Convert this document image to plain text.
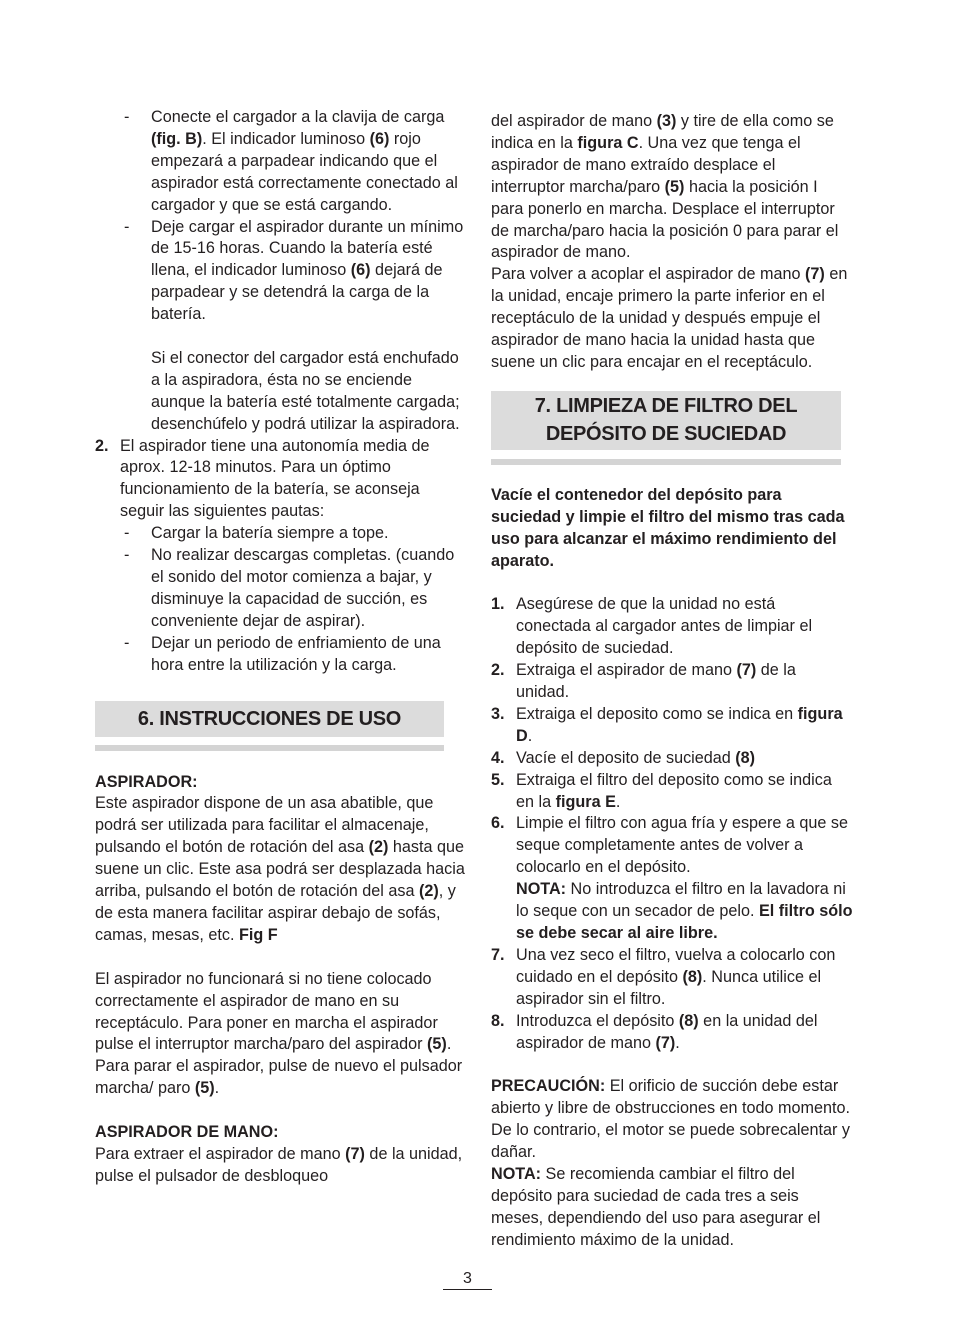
- Conecte el cargador a la clavija de carga (fig. B). El indicador luminoso (6) rojo empezará a parpadear indicando que el aspirador está correctamente conectado al cargador y que se está cargando.

- Deje cargar el aspirador durante un mínimo de 15-16 horas. Cuando la batería esté llena, el indicador luminoso (6) dejará de parpadear y se detendrá la carga de la batería.

Si el conector del cargador está enchufado a la aspiradora, ésta no se enciende aunque la batería esté totalmente cargada; desenchúfelo y podrá utilizar la aspiradora.

2. El aspirador tiene una autonomía media de aprox. 12-18 minutos. Para un óptimo funcionamiento de la batería, se aconseja seguir las siguientes pautas:

- Cargar la batería siempre a tope.

- No realizar descargas completas. (cuando el sonido del motor comienza a bajar, y disminuye la capacidad de succión, es conveniente dejar de aspirar).

- Dejar un periodo de enfriamiento de una hora entre la utilización y la carga.

6. INSTRUCCIONES DE USO

ASPIRADOR:

Este aspirador dispone de un asa abatible, que podrá ser utilizada para facilitar el almacenaje, pulsando el botón de rotación del asa (2) hasta que suene un clic. Este asa podrá ser desplazada hacia arriba, pulsando el botón de rotación del asa (2), y de esta manera facilitar aspirar debajo de sofás, camas, mesas, etc. Fig F

El aspirador no funcionará si no tiene colocado correctamente el aspirador de mano en su receptáculo. Para poner en marcha el aspirador pulse el interruptor marcha/paro del aspirador (5). Para parar el aspirador, pulse de nuevo el pulsador marcha/ paro (5).

ASPIRADOR DE MANO:

Para extraer el aspirador de mano (7) de la unidad, pulse el pulsador de desbloqueo

del aspirador de mano (3) y tire de ella como se indica en la figura C. Una vez que tenga el aspirador de mano extraído desplace el interruptor marcha/paro (5) hacia la posición I para ponerlo en marcha. Desplace el interruptor de marcha/paro hacia la posición 0 para parar el aspirador de mano.

Para volver a acoplar el aspirador de mano (7) en la unidad, encaje primero la parte inferior en el receptáculo de la unidad y después empuje el aspirador de mano hacia la unidad hasta que suene un clic para encajar en el receptáculo.

7. LIMPIEZA DE FILTRO DEL
DEPÓSITO DE SUCIEDAD

Vacíe el contenedor del depósito para suciedad y limpie el filtro del mismo tras cada uso para alcanzar el máximo rendimiento del aparato.

1. Asegúrese de que la unidad no está conectada al cargador antes de limpiar el depósito de suciedad.

2. Extraiga el aspirador de mano (7) de la unidad.

3. Extraiga el deposito como se indica en figura D.

4. Vacíe el deposito de suciedad (8)

5. Extraiga el filtro del deposito como se indica en la figura E.

6. Limpie el filtro con agua fría y espere a que se seque completamente antes de volver a colocarlo en el depósito.

NOTA: No introduzca el filtro en la lavadora ni lo seque con un secador de pelo. El filtro sólo se debe secar al aire libre.

7. Una vez seco el filtro, vuelva a colocarlo con cuidado en el depósito (8). Nunca utilice el aspirador sin el filtro.

8. Introduzca el depósito (8) en la unidad del aspirador de mano (7).

PRECAUCIÓN: El orificio de succión debe estar abierto y libre de obstrucciones en todo momento. De lo contrario, el motor se puede sobrecalentar y dañar.

NOTA: Se recomienda cambiar el filtro del depósito para suciedad de cada tres a seis meses, dependiendo del uso para asegurar el rendimiento máximo de la unidad.

3
